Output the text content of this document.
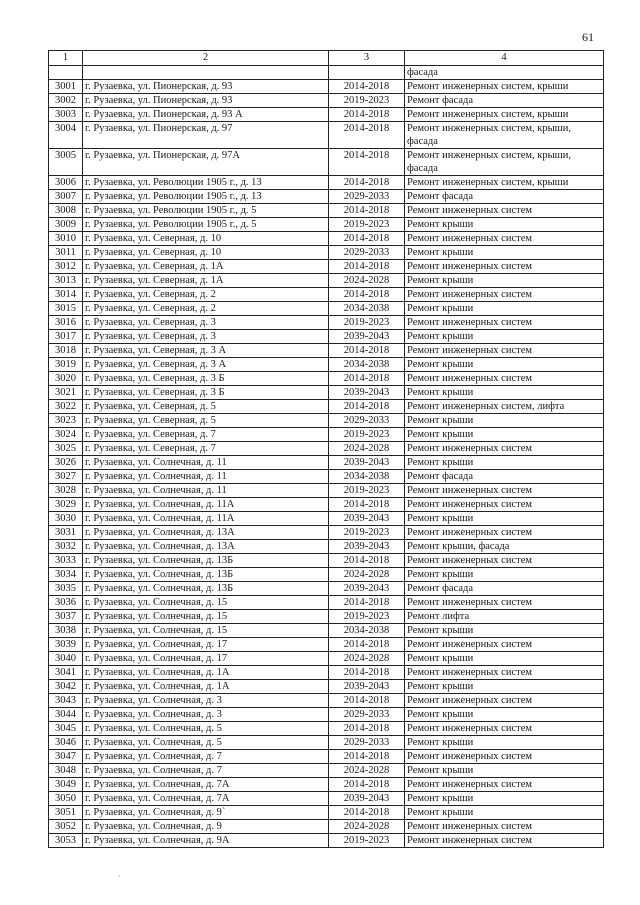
61
1	2	3	4
			фасада
3001	г. Рузаевка, ул. Пионерская, д. 93	2014-2018	Ремонт инженерных систем, крыши
3002	г. Рузаевка, ул. Пионерская, д. 93	2019-2023	Ремонт фасада
3003	г. Рузаевка, ул. Пионерская, д. 93 А	2014-2018	Ремонт инженерных систем, крыши
3004	г. Рузаевка, ул. Пионерская, д. 97	2014-2018	Ремонт инженерных систем, крыши, фасада
3005	г. Рузаевка, ул. Пионерская, д. 97А	2014-2018	Ремонт инженерных систем, крыши, фасада
3006	г. Рузаевка, ул. Революции 1905 г., д. 13	2014-2018	Ремонт инженерных систем, крыши
3007	г. Рузаевка, ул. Революции 1905 г., д. 13	2029-2033	Ремонт фасада
3008	г. Рузаевка, ул. Революции 1905 г., д. 5	2014-2018	Ремонт инженерных систем
3009	г. Рузаевка, ул. Революции 1905 г., д. 5	2019-2023	Ремонт крыши
3010	г. Рузаевка, ул. Северная, д. 10	2014-2018	Ремонт инженерных систем
3011	г. Рузаевка, ул. Северная, д. 10	2029-2033	Ремонт крыши
3012	г. Рузаевка, ул. Северная, д. 1А	2014-2018	Ремонт инженерных систем
3013	г. Рузаевка, ул. Северная, д. 1А	2024-2028	Ремонт крыши
3014	г. Рузаевка, ул. Северная, д. 2	2014-2018	Ремонт инженерных систем
3015	г. Рузаевка, ул. Северная, д. 2	2034-2038	Ремонт крыши
3016	г. Рузаевка, ул. Северная, д. 3	2019-2023	Ремонт инженерных систем
3017	г. Рузаевка, ул. Северная, д. 3	2039-2043	Ремонт крыши
3018	г. Рузаевка, ул. Северная, д. 3 А	2014-2018	Ремонт инженерных систем
3019	г. Рузаевка, ул. Северная, д. 3 А	2034-2038	Ремонт крыши
3020	г. Рузаевка, ул. Северная, д. 3 Б	2014-2018	Ремонт инженерных систем
3021	г. Рузаевка, ул. Северная, д. 3 Б	2039-2043	Ремонт крыши
3022	г. Рузаевка, ул. Северная, д. 5	2014-2018	Ремонт инженерных систем, лифта
3023	г. Рузаевка, ул. Северная, д. 5	2029-2033	Ремонт крыши
3024	г. Рузаевка, ул. Северная, д. 7	2019-2023	Ремонт крыши
3025	г. Рузаевка, ул. Северная, д. 7	2024-2028	Ремонт инженерных систем
3026	г. Рузаевка, ул. Солнечная, д. 11	2039-2043	Ремонт крыши
3027	г. Рузаевка, ул. Солнечная, д. 11	2034-2038	Ремонт фасада
3028	г. Рузаевка, ул. Солнечная, д. 11	2019-2023	Ремонт инженерных систем
3029	г. Рузаевка, ул. Солнечная, д. 11А	2014-2018	Ремонт инженерных систем
3030	г. Рузаевка, ул. Солнечная, д. 11А	2039-2043	Ремонт крыши
3031	г. Рузаевка, ул. Солнечная, д. 13А	2019-2023	Ремонт инженерных систем
3032	г. Рузаевка, ул. Солнечная, д. 13А	2039-2043	Ремонт крыши, фасада
3033	г. Рузаевка, ул. Солнечная, д. 13Б	2014-2018	Ремонт инженерных систем
3034	г. Рузаевка, ул. Солнечная, д. 13Б	2024-2028	Ремонт крыши
3035	г. Рузаевка, ул. Солнечная, д. 13Б	2039-2043	Ремонт фасада
3036	г. Рузаевка, ул. Солнечная, д. 15	2014-2018	Ремонт инженерных систем
3037	г. Рузаевка, ул. Солнечная, д. 15	2019-2023	Ремонт лифта
3038	г. Рузаевка, ул. Солнечная, д. 15	2034-2038	Ремонт крыши
3039	г. Рузаевка, ул. Солнечная, д. 17	2014-2018	Ремонт инженерных систем
3040	г. Рузаевка, ул. Солнечная, д. 17	2024-2028	Ремонт крыши
3041	г. Рузаевка, ул. Солнечная, д. 1А	2014-2018	Ремонт инженерных систем
3042	г. Рузаевка, ул. Солнечная, д. 1А	2039-2043	Ремонт крыши
3043	г. Рузаевка, ул. Солнечная, д. 3	2014-2018	Ремонт инженерных систем
3044	г. Рузаевка, ул. Солнечная, д. 3	2029-2033	Ремонт крыши
3045	г. Рузаевка, ул. Солнечная, д. 5	2014-2018	Ремонт инженерных систем
3046	г. Рузаевка, ул. Солнечная, д. 5	2029-2033	Ремонт крыши
3047	г. Рузаевка, ул. Солнечная, д. 7	2014-2018	Ремонт инженерных систем
3048	г. Рузаевка, ул. Солнечная, д. 7	2024-2028	Ремонт крыши
3049	г. Рузаевка, ул. Солнечная, д. 7А	2014-2018	Ремонт инженерных систем
3050	г. Рузаевка, ул. Солнечная, д. 7А	2039-2043	Ремонт крыши
3051	г. Рузаевка, ул. Солнечная, д. 9`	2014-2018	Ремонт крыши
3052	г. Рузаевка, ул. Солнечная, д. 9	2024-2028	Ремонт инженерных систем
3053	г. Рузаевка, ул. Солнечная, д. 9А	2019-2023	Ремонт инженерных систем
·
